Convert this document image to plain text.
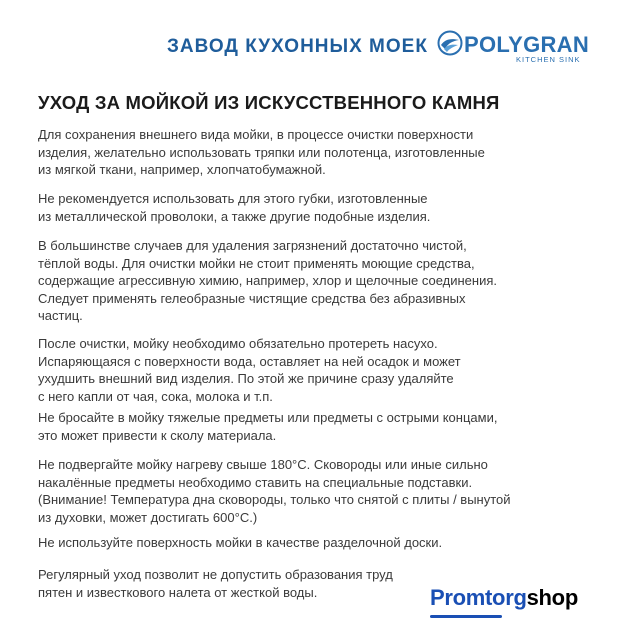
ЗАВОД КУХОННЫХ МОЕК POLYGRAN
KITCHEN SINK
УХОД ЗА МОЙКОЙ ИЗ ИСКУССТВЕННОГО КАМНЯ

Для сохранения внешнего вида мойки, в процессе очистки поверхности
изделия, желательно использовать тряпки или полотенца, изготовленные
из мягкой ткани, например, хлопчатобумажной.

Не рекомендуется использовать для этого губки, изготовленные
из металлической проволоки, а также другие подобные изделия.

В большинстве случаев для удаления загрязнений достаточно чистой,
тёплой воды. Для очистки мойки не стоит применять моющие средства,
содержащие агрессивную химию, например, хлор и щелочные соединения.
Следует применять гелеобразные чистящие средства без абразивных
частиц.

После очистки, мойку необходимо обязательно протереть насухо.
Испаряющаяся с поверхности вода, оставляет на ней осадок и может
ухудшить внешний вид изделия. По этой же причине сразу удаляйте
с него капли от чая, сока, молока и т.п.

Не бросайте в мойку тяжелые предметы или предметы с острыми концами,
это может привести к сколу материала.

Не подвергайте мойку нагреву свыше 180°С. Сковороды или иные сильно
накалённые предметы необходимо ставить на специальные подставки.
(Внимание! Температура дна сковороды, только что снятой с плиты / вынутой
из духовки, может достигать 600°С.)

Не используйте поверхность мойки в качестве разделочной доски.

Регулярный уход позволит не допустить образования труд
пятен и известкового налета от жесткой воды.	Promtorgshop
